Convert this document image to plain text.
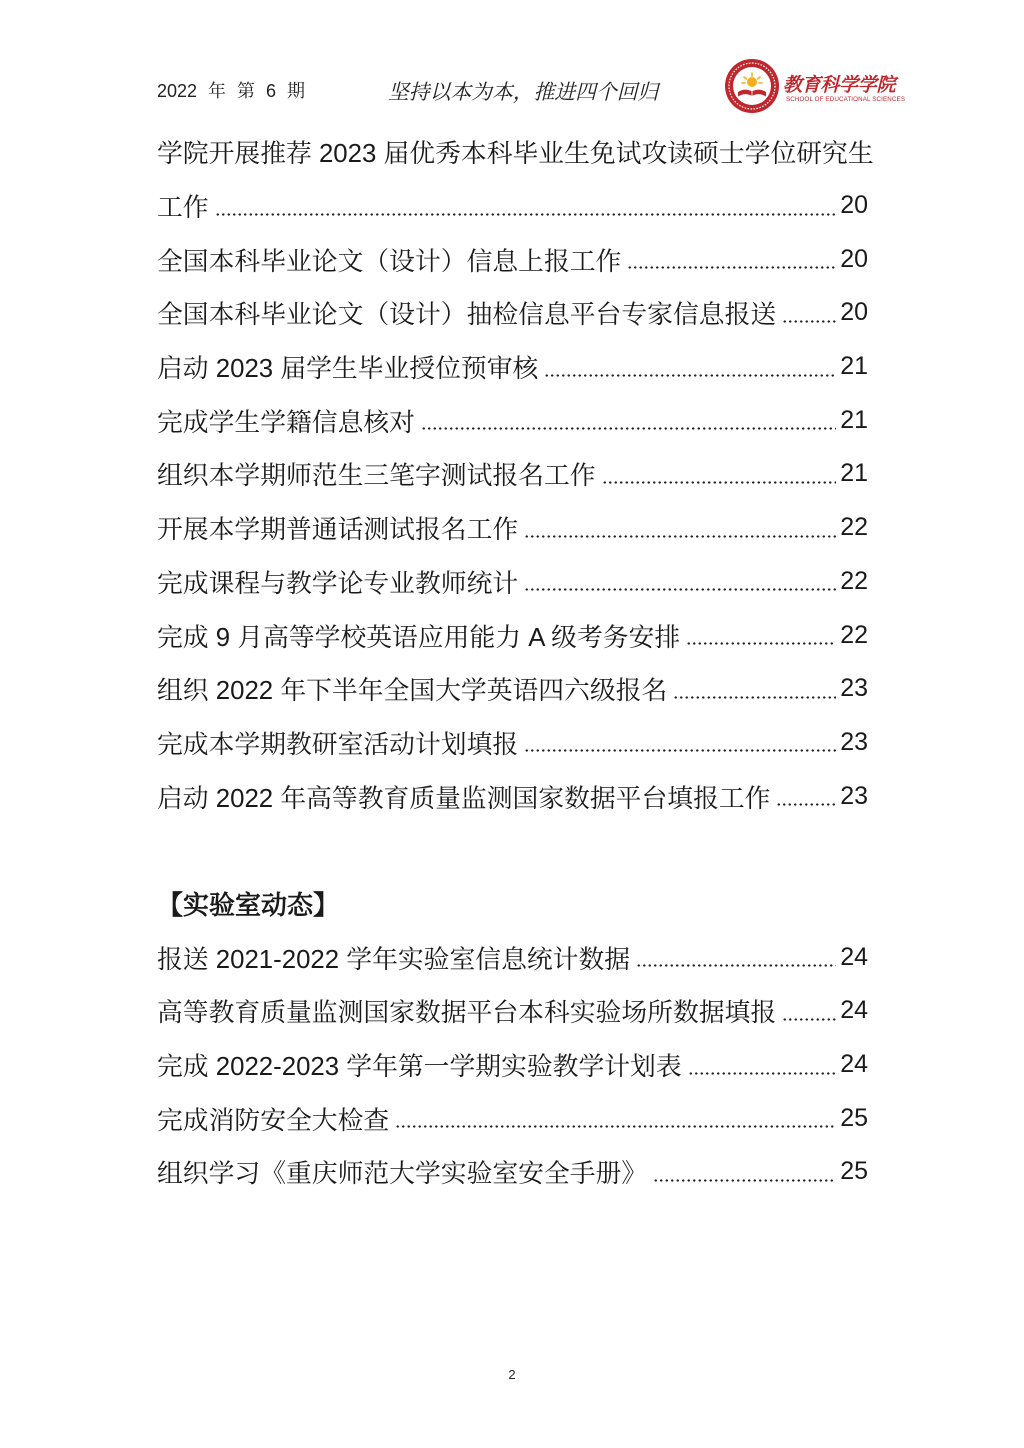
2022 年 第 6 期	坚持以本为本，推进四个回归	教育科学学院
SCHOOL OF EDUCATIONAL SCIENCES
学院开展推荐 2023 届优秀本科毕业生免试攻读硕士学位研究生
工作	20
全国本科毕业论文（设计）信息上报工作	20
全国本科毕业论文（设计）抽检信息平台专家信息报送	20
启动 2023 届学生毕业授位预审核	21
完成学生学籍信息核对	21
组织本学期师范生三笔字测试报名工作	21
开展本学期普通话测试报名工作	22
完成课程与教学论专业教师统计	22
完成 9 月高等学校英语应用能力 A 级考务安排	22
组织 2022 年下半年全国大学英语四六级报名	23
完成本学期教研室活动计划填报	23
启动 2022 年高等教育质量监测国家数据平台填报工作	23
【实验室动态】
报送 2021-2022 学年实验室信息统计数据	24
高等教育质量监测国家数据平台本科实验场所数据填报	24
完成 2022-2023 学年第一学期实验教学计划表	24
完成消防安全大检查	25
组织学习《重庆师范大学实验室安全手册》	25
2
